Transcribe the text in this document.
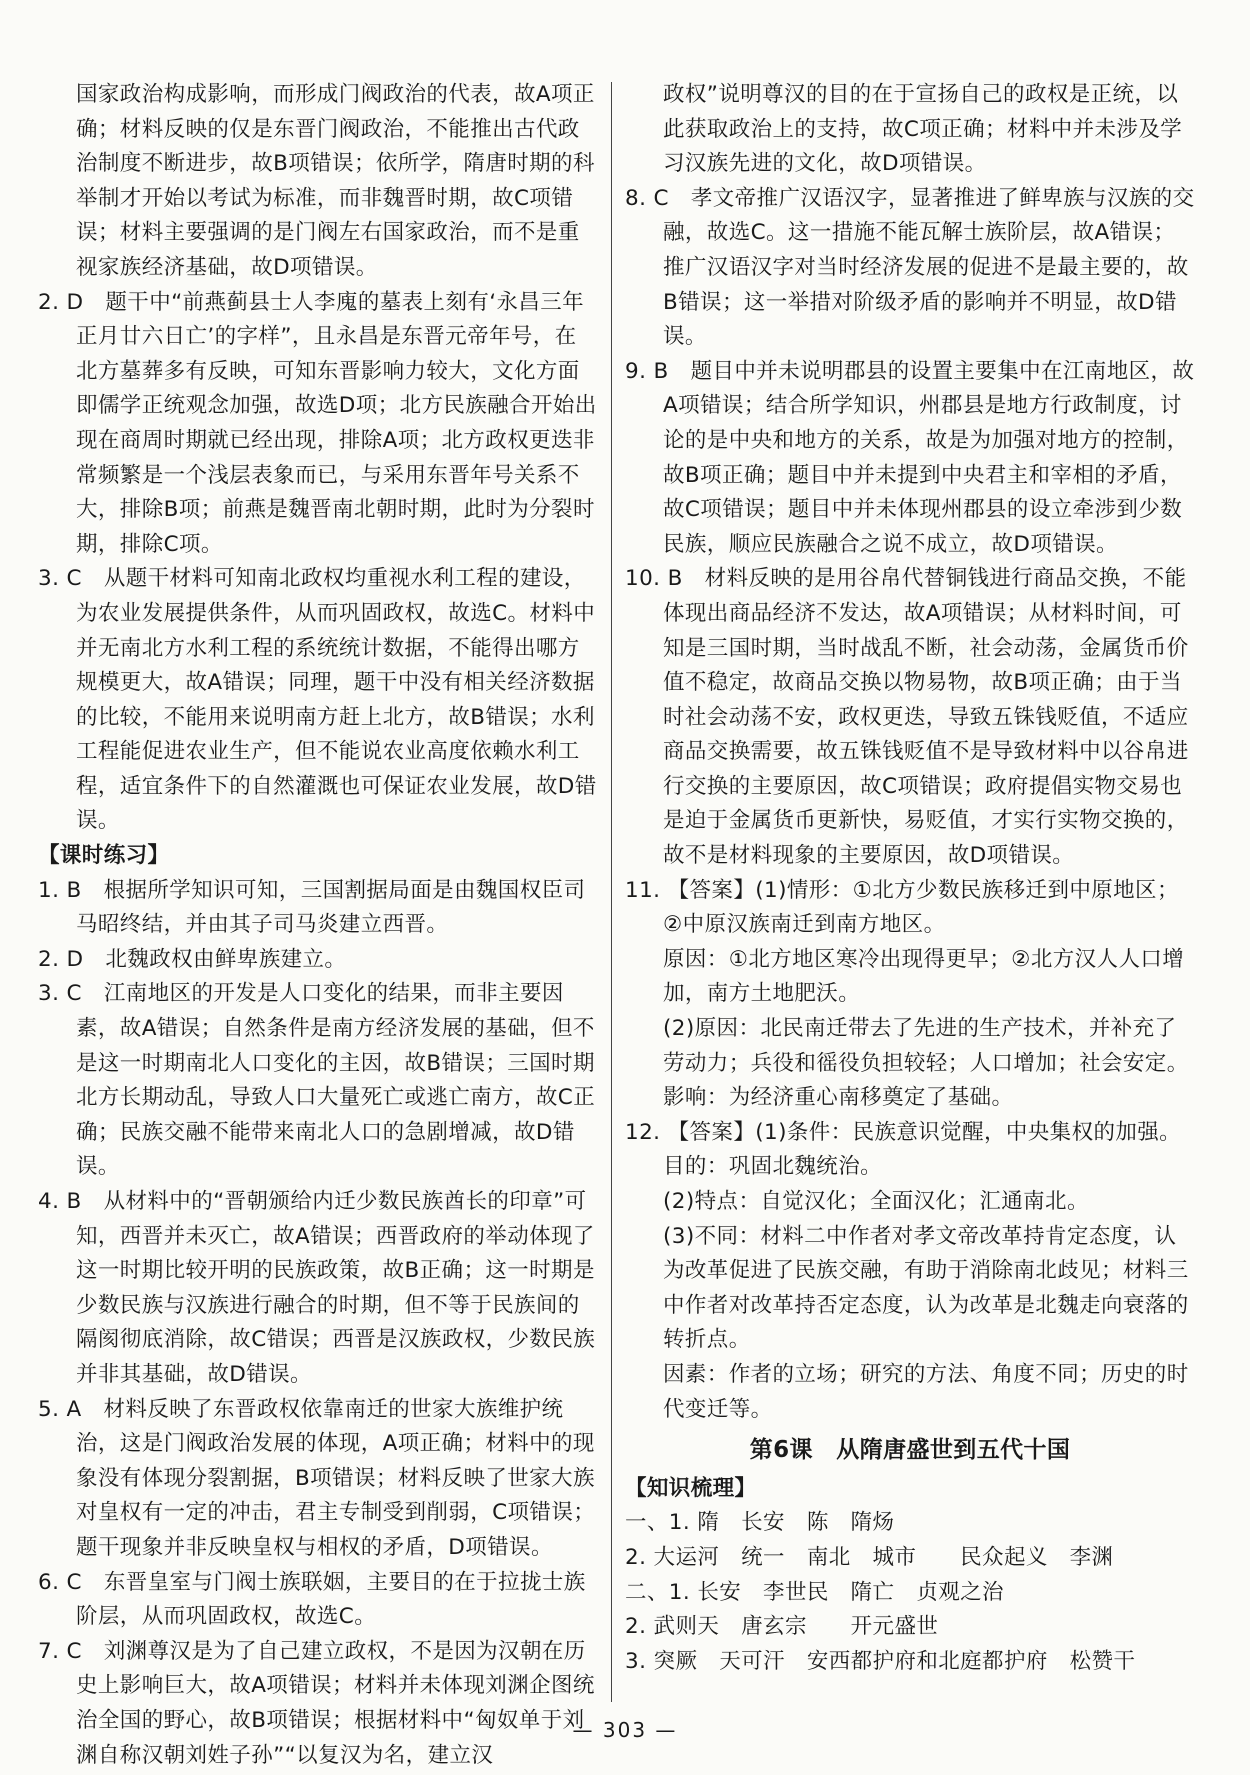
国家政治构成影响，而形成门阀政治的代表，故A项正确；材料反映的仅是东晋门阀政治，不能推出古代政治制度不断进步，故B项错误；依所学，隋唐时期的科举制才开始以考试为标准，而非魏晋时期，故C项错误；材料主要强调的是门阀左右国家政治，而不是重视家族经济基础，故D项错误。

2. D　题干中“前燕蓟县士人李廆的墓表上刻有‘永昌三年正月廿六日亡’的字样”，且永昌是东晋元帝年号，在北方墓葬多有反映，可知东晋影响力较大，文化方面即儒学正统观念加强，故选D项；北方民族融合开始出现在商周时期就已经出现，排除A项；北方政权更迭非常频繁是一个浅层表象而已，与采用东晋年号关系不大，排除B项；前燕是魏晋南北朝时期，此时为分裂时期，排除C项。

3. C　从题干材料可知南北政权均重视水利工程的建设，为农业发展提供条件，从而巩固政权，故选C。材料中并无南北方水利工程的系统统计数据，不能得出哪方规模更大，故A错误；同理，题干中没有相关经济数据的比较，不能用来说明南方赶上北方，故B错误；水利工程能促进农业生产，但不能说农业高度依赖水利工程，适宜条件下的自然灌溉也可保证农业发展，故D错误。

【课时练习】

1. B　根据所学知识可知，三国割据局面是由魏国权臣司马昭终结，并由其子司马炎建立西晋。

2. D　北魏政权由鲜卑族建立。

3. C　江南地区的开发是人口变化的结果，而非主要因素，故A错误；自然条件是南方经济发展的基础，但不是这一时期南北人口变化的主因，故B错误；三国时期北方长期动乱，导致人口大量死亡或逃亡南方，故C正确；民族交融不能带来南北人口的急剧增减，故D错误。

4. B　从材料中的“晋朝颁给内迁少数民族酋长的印章”可知，西晋并未灭亡，故A错误；西晋政府的举动体现了这一时期比较开明的民族政策，故B正确；这一时期是少数民族与汉族进行融合的时期，但不等于民族间的隔阂彻底消除，故C错误；西晋是汉族政权，少数民族并非其基础，故D错误。

5. A　材料反映了东晋政权依靠南迁的世家大族维护统治，这是门阀政治发展的体现，A项正确；材料中的现象没有体现分裂割据，B项错误；材料反映了世家大族对皇权有一定的冲击，君主专制受到削弱，C项错误；题干现象并非反映皇权与相权的矛盾，D项错误。

6. C　东晋皇室与门阀士族联姻，主要目的在于拉拢士族阶层，从而巩固政权，故选C。

7. C　刘渊尊汉是为了自己建立政权，不是因为汉朝在历史上影响巨大，故A项错误；材料并未体现刘渊企图统治全国的野心，故B项错误；根据材料中“匈奴单于刘渊自称汉朝刘姓子孙”“以复汉为名，建立汉

政权”说明尊汉的目的在于宣扬自己的政权是正统，以此获取政治上的支持，故C项正确；材料中并未涉及学习汉族先进的文化，故D项错误。

8. C　孝文帝推广汉语汉字，显著推进了鲜卑族与汉族的交融，故选C。这一措施不能瓦解士族阶层，故A错误；推广汉语汉字对当时经济发展的促进不是最主要的，故B错误；这一举措对阶级矛盾的影响并不明显，故D错误。

9. B　题目中并未说明郡县的设置主要集中在江南地区，故A项错误；结合所学知识，州郡县是地方行政制度，讨论的是中央和地方的关系，故是为加强对地方的控制，故B项正确；题目中并未提到中央君主和宰相的矛盾，故C项错误；题目中并未体现州郡县的设立牵涉到少数民族，顺应民族融合之说不成立，故D项错误。

10. B　材料反映的是用谷帛代替铜钱进行商品交换，不能体现出商品经济不发达，故A项错误；从材料时间，可知是三国时期，当时战乱不断，社会动荡，金属货币价值不稳定，故商品交换以物易物，故B项正确；由于当时社会动荡不安，政权更迭，导致五铢钱贬值，不适应商品交换需要，故五铢钱贬值不是导致材料中以谷帛进行交换的主要原因，故C项错误；政府提倡实物交易也是迫于金属货币更新快，易贬值，才实行实物交换的，故不是材料现象的主要原因，故D项错误。

11. 【答案】(1)情形：①北方少数民族移迁到中原地区；②中原汉族南迁到南方地区。

原因：①北方地区寒冷出现得更早；②北方汉人人口增加，南方土地肥沃。

(2)原因：北民南迁带去了先进的生产技术，并补充了劳动力；兵役和徭役负担较轻；人口增加；社会安定。

影响：为经济重心南移奠定了基础。

12. 【答案】(1)条件：民族意识觉醒，中央集权的加强。

目的：巩固北魏统治。

(2)特点：自觉汉化；全面汉化；汇通南北。

(3)不同：材料二中作者对孝文帝改革持肯定态度，认为改革促进了民族交融，有助于消除南北歧见；材料三中作者对改革持否定态度，认为改革是北魏走向衰落的转折点。

因素：作者的立场；研究的方法、角度不同；历史的时代变迁等。

第6课　从隋唐盛世到五代十国

【知识梳理】

一、1. 隋　长安　陈　隋炀

2. 大运河　统一　南北　城市　　民众起义　李渊

二、1. 长安　李世民　隋亡　贞观之治

2. 武则天　唐玄宗　　开元盛世

3. 突厥　天可汗　安西都护府和北庭都护府　松赞干

— 303 —
